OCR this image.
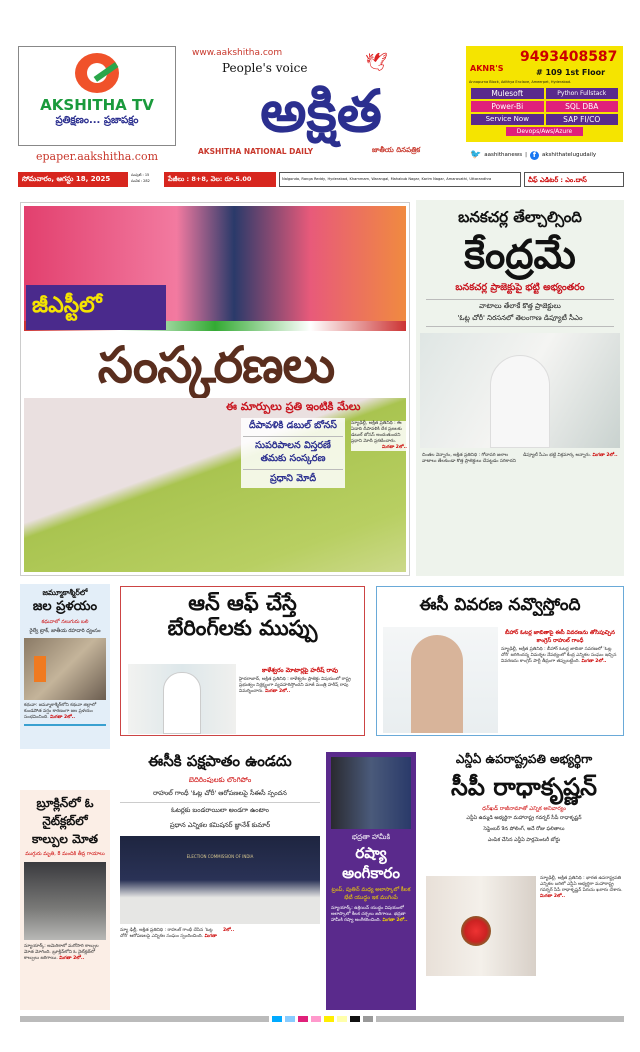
AKSHITHA TV
ప్రతిక్షణం... ప్రజాపక్షం
epaper.aakshitha.com
www.aakshitha.com
People's voice
అక్షిత
🕊
AKSHITHA NATIONAL DAILY	జాతీయ దినపత్రిక
AKNR'S
9493408587
# 109 1st Floor
Annapurna Block, Adithya Enclave, Ameerpet, Hyderabad.
Mulesoft	Python Fullstack
Power-Bi	SQL DBA
Service Now	SAP FI/CO
Devops/Aws/Azure
🐦 aashithanews | f	akshithatelugudaily
సోమవారం, ఆగస్టు 18, 2025	సంపుటి : 15
సంచిక : 282	పేజీలు : 8+8, వెల: రూ.5.00	Nalgonda, Ranga Reddy, Hyderabad, Khammam, Warangal, Mahabub Nagar, Karim Nagar, Amaravathi, Uttarandhra	చీఫ్ ఎడిటర్ : ఎం.దాస్
జీఎస్టీలో
సంస్కరణలు
ఈ మార్పులు ప్రతి ఇంటికి మేలు
దీపావళికి డబుల్ బోనస్
సుపరిపాలన విస్తరణే తమకు సంస్కరణ
ప్రధాని మోదీ
న్యూఢిల్లీ, అక్షిత ప్రతినిధి : ఈ ఏడాది దీపావళికి దేశ ప్రజలకు డబుల్ బోనస్ అందుతుందని ప్రధాని మోదీ ప్రకటించారు.
మిగతా 2లో..
బనకచర్ల తేల్చాల్సింది
కేంద్రమే
బనకచర్ల ప్రాజెక్టుపై భట్టి అభ్యంతరం
వాటాలు తేలాకే కొత్త ప్రాజెక్టులు
'ఓట్ల చోరీ' నిరసనలో తెలంగాణ డిప్యూటీ సీఎం
చింతల వెన్నారం, అక్షిత ప్రతినిధి : గోదావరి జలాల వాటాలు తేలకుండా కొత్త ప్రాజెక్టులు చేపట్టడం సరికాదని డిప్యూటీ సీఎం భట్టి విక్రమార్క అన్నారు. మిగతా 2లో..
జమ్మూకాశ్మీర్‌లో
జల ప్రళయం
కథువాలో నలుగురు బలి
రైల్వే ట్రాక్, జాతీయ రహదారి ధ్వంసం
కథువా: జమ్మూకాశ్మీర్‌లోని కథువా జిల్లాలో కుండపోత వర్షం కారణంగా జల ప్రళయం సంభవించింది. మిగతా 2లో..
ఆన్ ఆఫ్ చేస్తే
బేరింగ్‌లకు ముప్పు
కాళేశ్వరం మోటార్లపై హరీష్ రావు
హైదరాబాద్, అక్షిత ప్రతినిధి : కాళేశ్వరం ప్రాజెక్టు విషయంలో రాష్ట్ర ప్రభుత్వం నిర్లక్ష్యంగా వ్యవహరిస్తోందని మాజీ మంత్రి హరీష్ రావు విమర్శించారు. మిగతా 2లో..
ఈసీ వివరణ నవ్వొస్తోంది
బీహార్ ఓటర్ల జాబితాపై ఈసీ వివరణను తోసిపుచ్చిన కాంగ్రెస్ రాహుల్ గాంధీ
న్యూఢిల్లీ, అక్షిత ప్రతినిధి : బీహార్ ఓటర్ల జాబితా సవరణలో 'ఓట్ల చోరీ' జరిగిందన్న విమర్శల నేపథ్యంలో కేంద్ర ఎన్నికల సంఘం ఇచ్చిన వివరణను కాంగ్రెస్ పార్టీ తీవ్రంగా తప్పుబట్టింది. మిగతా 2లో..
ఈసీకి పక్షపాతం ఉండదు
బెదిరింపులకు లొంగిపోం
రాహుల్ గాంధీ 'ఓట్ల చోరీ' ఆరోపణలపై సీఈసీ స్పందన
ఓటర్లకు బండరాయిలా అండగా ఉంటాం
ప్రధాన ఎన్నికల కమిషనర్ జ్ఞానేశ్ కుమార్
ELECTION COMMISSION OF INDIA
న్యూ ఢిల్లీ, అక్షిత ప్రతినిధి : రాహుల్ గాంధీ చేసిన 'ఓట్ల చోరీ' ఆరోపణలపై ఎన్నికల సంఘం స్పందించింది. మిగతా 2లో..
బ్రూక్లిన్‌లో ఓ నైట్‌క్లబ్‌లో కాల్పుల మోత
ముగ్గురు మృతి, 8 మందికి తీవ్ర గాయాలు
న్యూయార్క్: అమెరికాలో మరోసారి కాల్పుల మోత మోగింది. బ్రూక్లిన్‌లోని ఓ నైట్‌క్లబ్‌లో కాల్పులు జరిగాయి. మిగతా 2లో..
భద్రతా హామీకి
రష్యా అంగీకారం
ట్రంప్, పుతిన్ మధ్య అలాస్కాలో కీలక భేటీ యుద్ధం ఇక ముగింపే
న్యూయార్క్: ఉక్రెయిన్ యుద్ధం విషయంలో అలాస్కాలో కీలక చర్చలు జరిగాయి. భద్రతా హామీకి రష్యా అంగీకరించింది. మిగతా 2లో..
ఎన్డీఏ ఉపరాష్ట్రపతి అభ్యర్థిగా
సీపీ రాధాకృష్ణన్
ధన్‌ఖడ్ రాజీనామాతో ఎన్నిక అనివార్యం
ఎన్డీఏ ఉమ్మడి అభ్యర్థిగా మహారాష్ట్ర గవర్నర్ సీపీ రాధాకృష్ణన్
సెప్టెంబర్ 9న పోలింగ్, అదే రోజు ఫలితాలు
ఎంపిక చేసిన ఎన్డీఏ పార్లమెంటరీ బోర్డు
న్యూఢిల్లీ, అక్షిత ప్రతినిధి : భారత ఉపరాష్ట్రపతి ఎన్నికల బరిలో ఎన్డీఏ అభ్యర్థిగా మహారాష్ట్ర గవర్నర్ సీపీ రాధాకృష్ణన్ పేరును ఖరారు చేశారు. మిగతా 2లో..
